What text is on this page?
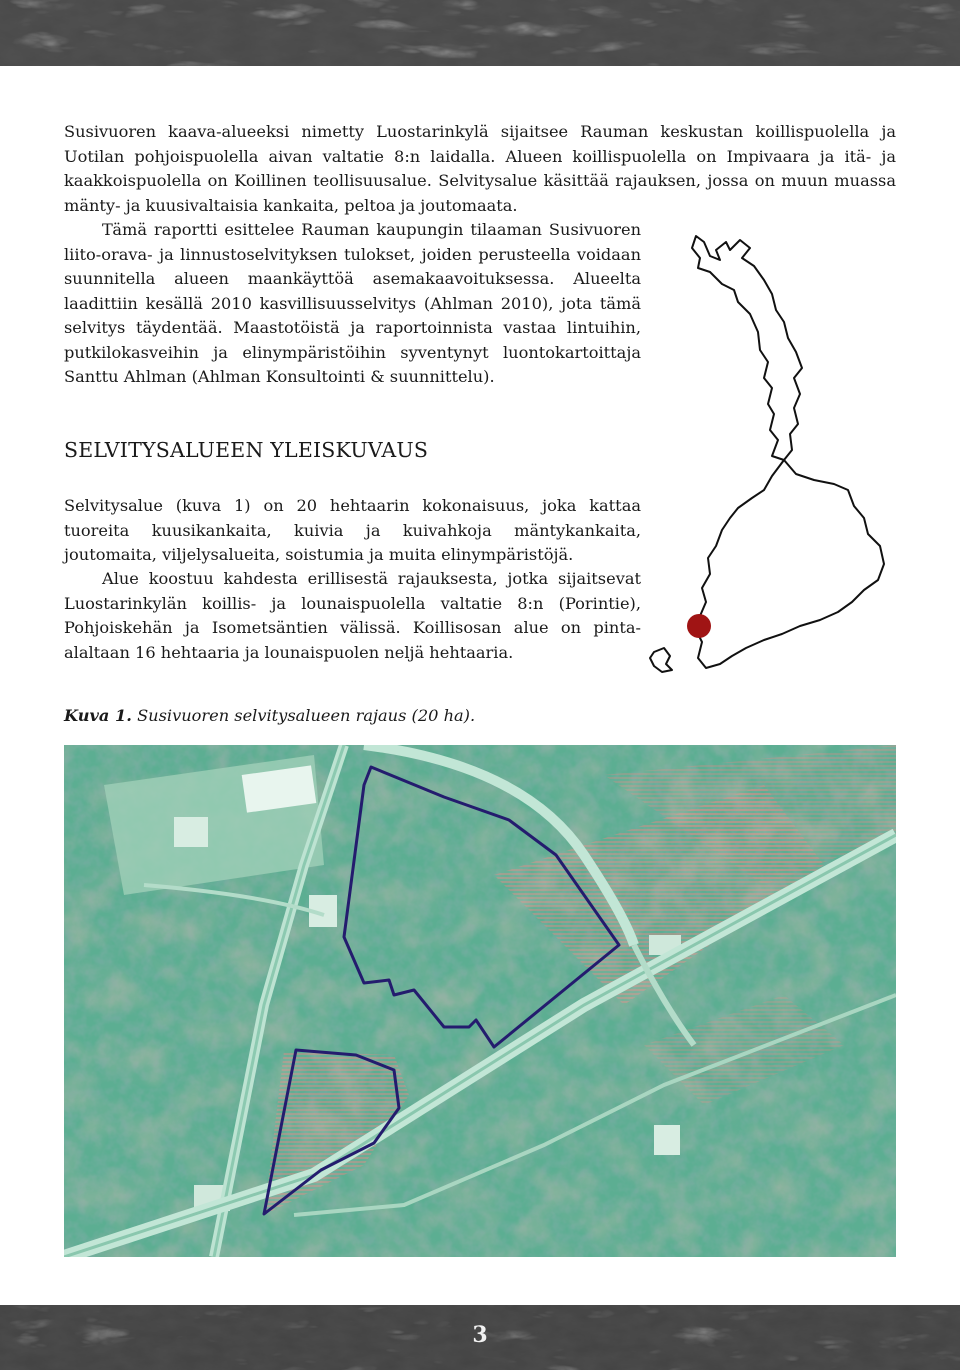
Susivuoren kaava-alueeksi nimetty Luostarinkylä sijaitsee Rauman keskustan koillispuolella ja Uotilan pohjoispuolella aivan valtatie 8:n laidalla. Alueen koillispuolella on Impivaara ja itä- ja kaakkoispuolella on Koillinen teollisuusalue. Selvitysalue käsittää rajauksen, jossa on muun muassa mänty- ja kuusivaltaisia kankaita, peltoa ja joutomaata.

Tämä raportti esittelee Rauman kaupungin tilaaman Susivuoren liito-orava- ja linnustoselvityksen tulokset, joiden perusteella voidaan suunnitella alueen maankäyttöä asemakaavoituksessa. Alueelta laadittiin kesällä 2010 kasvillisuusselvitys (Ahlman 2010), jota tämä selvitys täydentää. Maastotöistä ja raportoinnista vastaa lintuihin, putkilokasveihin ja elinympäristöihin syventynyt luontokartoittaja Santtu Ahlman (Ahlman Konsultointi & suunnittelu).

SELVITYSALUEEN YLEISKUVAUS

Selvitysalue (kuva 1) on 20 hehtaarin kokonaisuus, joka kattaa tuoreita kuusikankaita, kuivia ja kuivahkoja mäntykankaita, joutomaita, viljelysalueita, soistumia ja muita elinympäristöjä.

Alue koostuu kahdesta erillisestä rajauksesta, jotka sijaitsevat Luostarinkylän koillis- ja lounaispuolella valtatie 8:n (Porintie), Pohjoiskehän ja Isometsäntien välissä. Koillisosan alue on pinta-alaltaan 16 hehtaaria ja lounaispuolen neljä hehtaaria.

Kuva 1. Susivuoren selvitysalueen rajaus (20 ha).

3
